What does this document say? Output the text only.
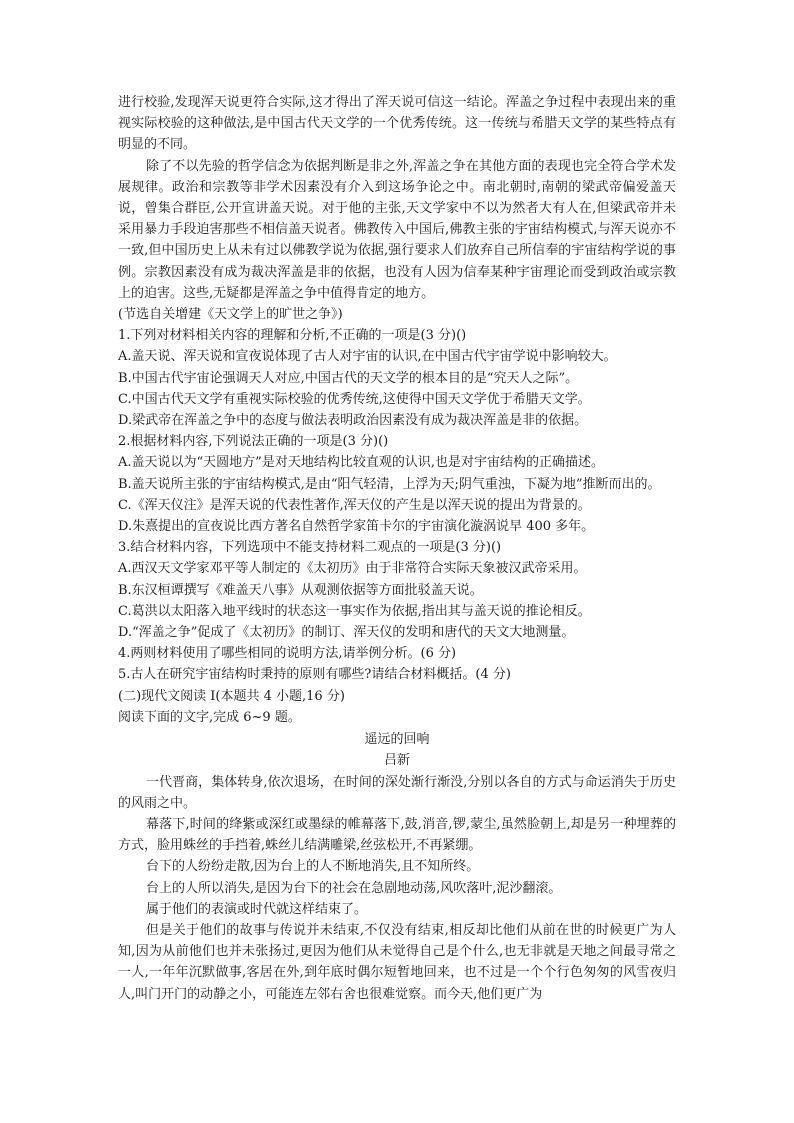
进行校验,发现浑天说更符合实际,这才得出了浑天说可信这一结论。浑盖之争过程中表现出来的重视实际校验的这种做法,是中国古代天文学的一个优秀传统。这一传统与希腊天文学的某些特点有明显的不同。

除了不以先验的哲学信念为依据判断是非之外,浑盖之争在其他方面的表现也完全符合学术发展规律。政治和宗教等非学术因素没有介入到这场争论之中。南北朝时,南朝的梁武帝偏爱盖天说，曾集合群臣,公开宣讲盖天说。对于他的主张,天文学家中不以为然者大有人在,但梁武帝并未采用暴力手段迫害那些不相信盖天说者。佛教传入中国后,佛教主张的宇宙结构模式,与浑天说亦不一致,但中国历史上从未有过以佛教学说为依据,强行要求人们放弃自己所信奉的宇宙结构学说的事例。宗教因素没有成为裁决浑盖是非的依据，也没有人因为信奉某种宇宙理论而受到政治或宗教上的迫害。这些,无疑都是浑盖之争中值得肯定的地方。

(节选自关增建《天文学上的旷世之争》)

1.下列对材料相关内容的理解和分析,不正确的一项是(3 分)()

A.盖天说、浑天说和宣夜说体现了古人对宇宙的认识,在中国古代宇宙学说中影响较大。

B.中国古代宇宙论强调天人对应,中国古代的天文学的根本目的是“究天人之际”。

C.中国古代天文学有重视实际校验的优秀传统,这使得中国天文学优于希腊天文学。

D.梁武帝在浑盖之争中的态度与做法表明政治因素没有成为裁决浑盖是非的依据。

2.根据材料内容,下列说法正确的一项是(3 分)()

A.盖天说以为“天圆地方”是对天地结构比较直观的认识,也是对宇宙结构的正确描述。

B.盖天说所主张的宇宙结构模式,是由“阳气轻清，上浮为天;阴气重浊，下凝为地”推断而出的。

C.《浑天仪注》是浑天说的代表性著作,浑天仪的产生是以浑天说的提出为背景的。

D.朱熹提出的宣夜说比西方著名自然哲学家笛卡尔的宇宙演化漩涡说早 400 多年。

3.结合材料内容，下列选项中不能支持材料二观点的一项是(3 分)()

A.西汉天文学家邓平等人制定的《太初历》由于非常符合实际天象被汉武帝采用。

B.东汉桓谭撰写《难盖天八事》从观测依据等方面批驳盖天说。

C.葛洪以太阳落入地平线时的状态这一事实作为依据,指出其与盖天说的推论相反。

D.“浑盖之争”促成了《太初历》的制订、浑天仪的发明和唐代的天文大地测量。

4.两则材料使用了哪些相同的说明方法,请举例分析。(6 分)

5.古人在研究宇宙结构时秉持的原则有哪些?请结合材料概括。(4 分)

(二)现代文阅读 I(本题共 4 小题,16 分)

阅读下面的文字,完成 6~9 题。

遥远的回响

吕新

一代晋商，集体转身,依次退场，在时间的深处渐行渐没,分别以各自的方式与命运消失于历史的风雨之中。

幕落下,时间的绛紫或深红或墨绿的帷幕落下,鼓,消音,锣,蒙尘,虽然脸朝上,却是另一种埋葬的方式，脸用蛛丝的手挡着,蛛丝儿结满雕梁,丝弦松开,不再紧绷。

台下的人纷纷走散,因为台上的人不断地消失,且不知所终。

台上的人所以消失,是因为台下的社会在急剧地动荡,风吹落叶,泥沙翻滚。

属于他们的表演或时代就这样结束了。

但是关于他们的故事与传说并未结束,不仅没有结束,相反却比他们从前在世的时候更广为人知,因为从前他们也并未张扬过,更因为他们从未觉得自己是个什么,也无非就是天地之间最寻常之一人,一年年沉默做事,客居在外,到年底时偶尔短暂地回来，也不过是一个个行色匆匆的风雪夜归人,叫门开门的动静之小，可能连左邻右舍也很难觉察。而今天,他们更广为
